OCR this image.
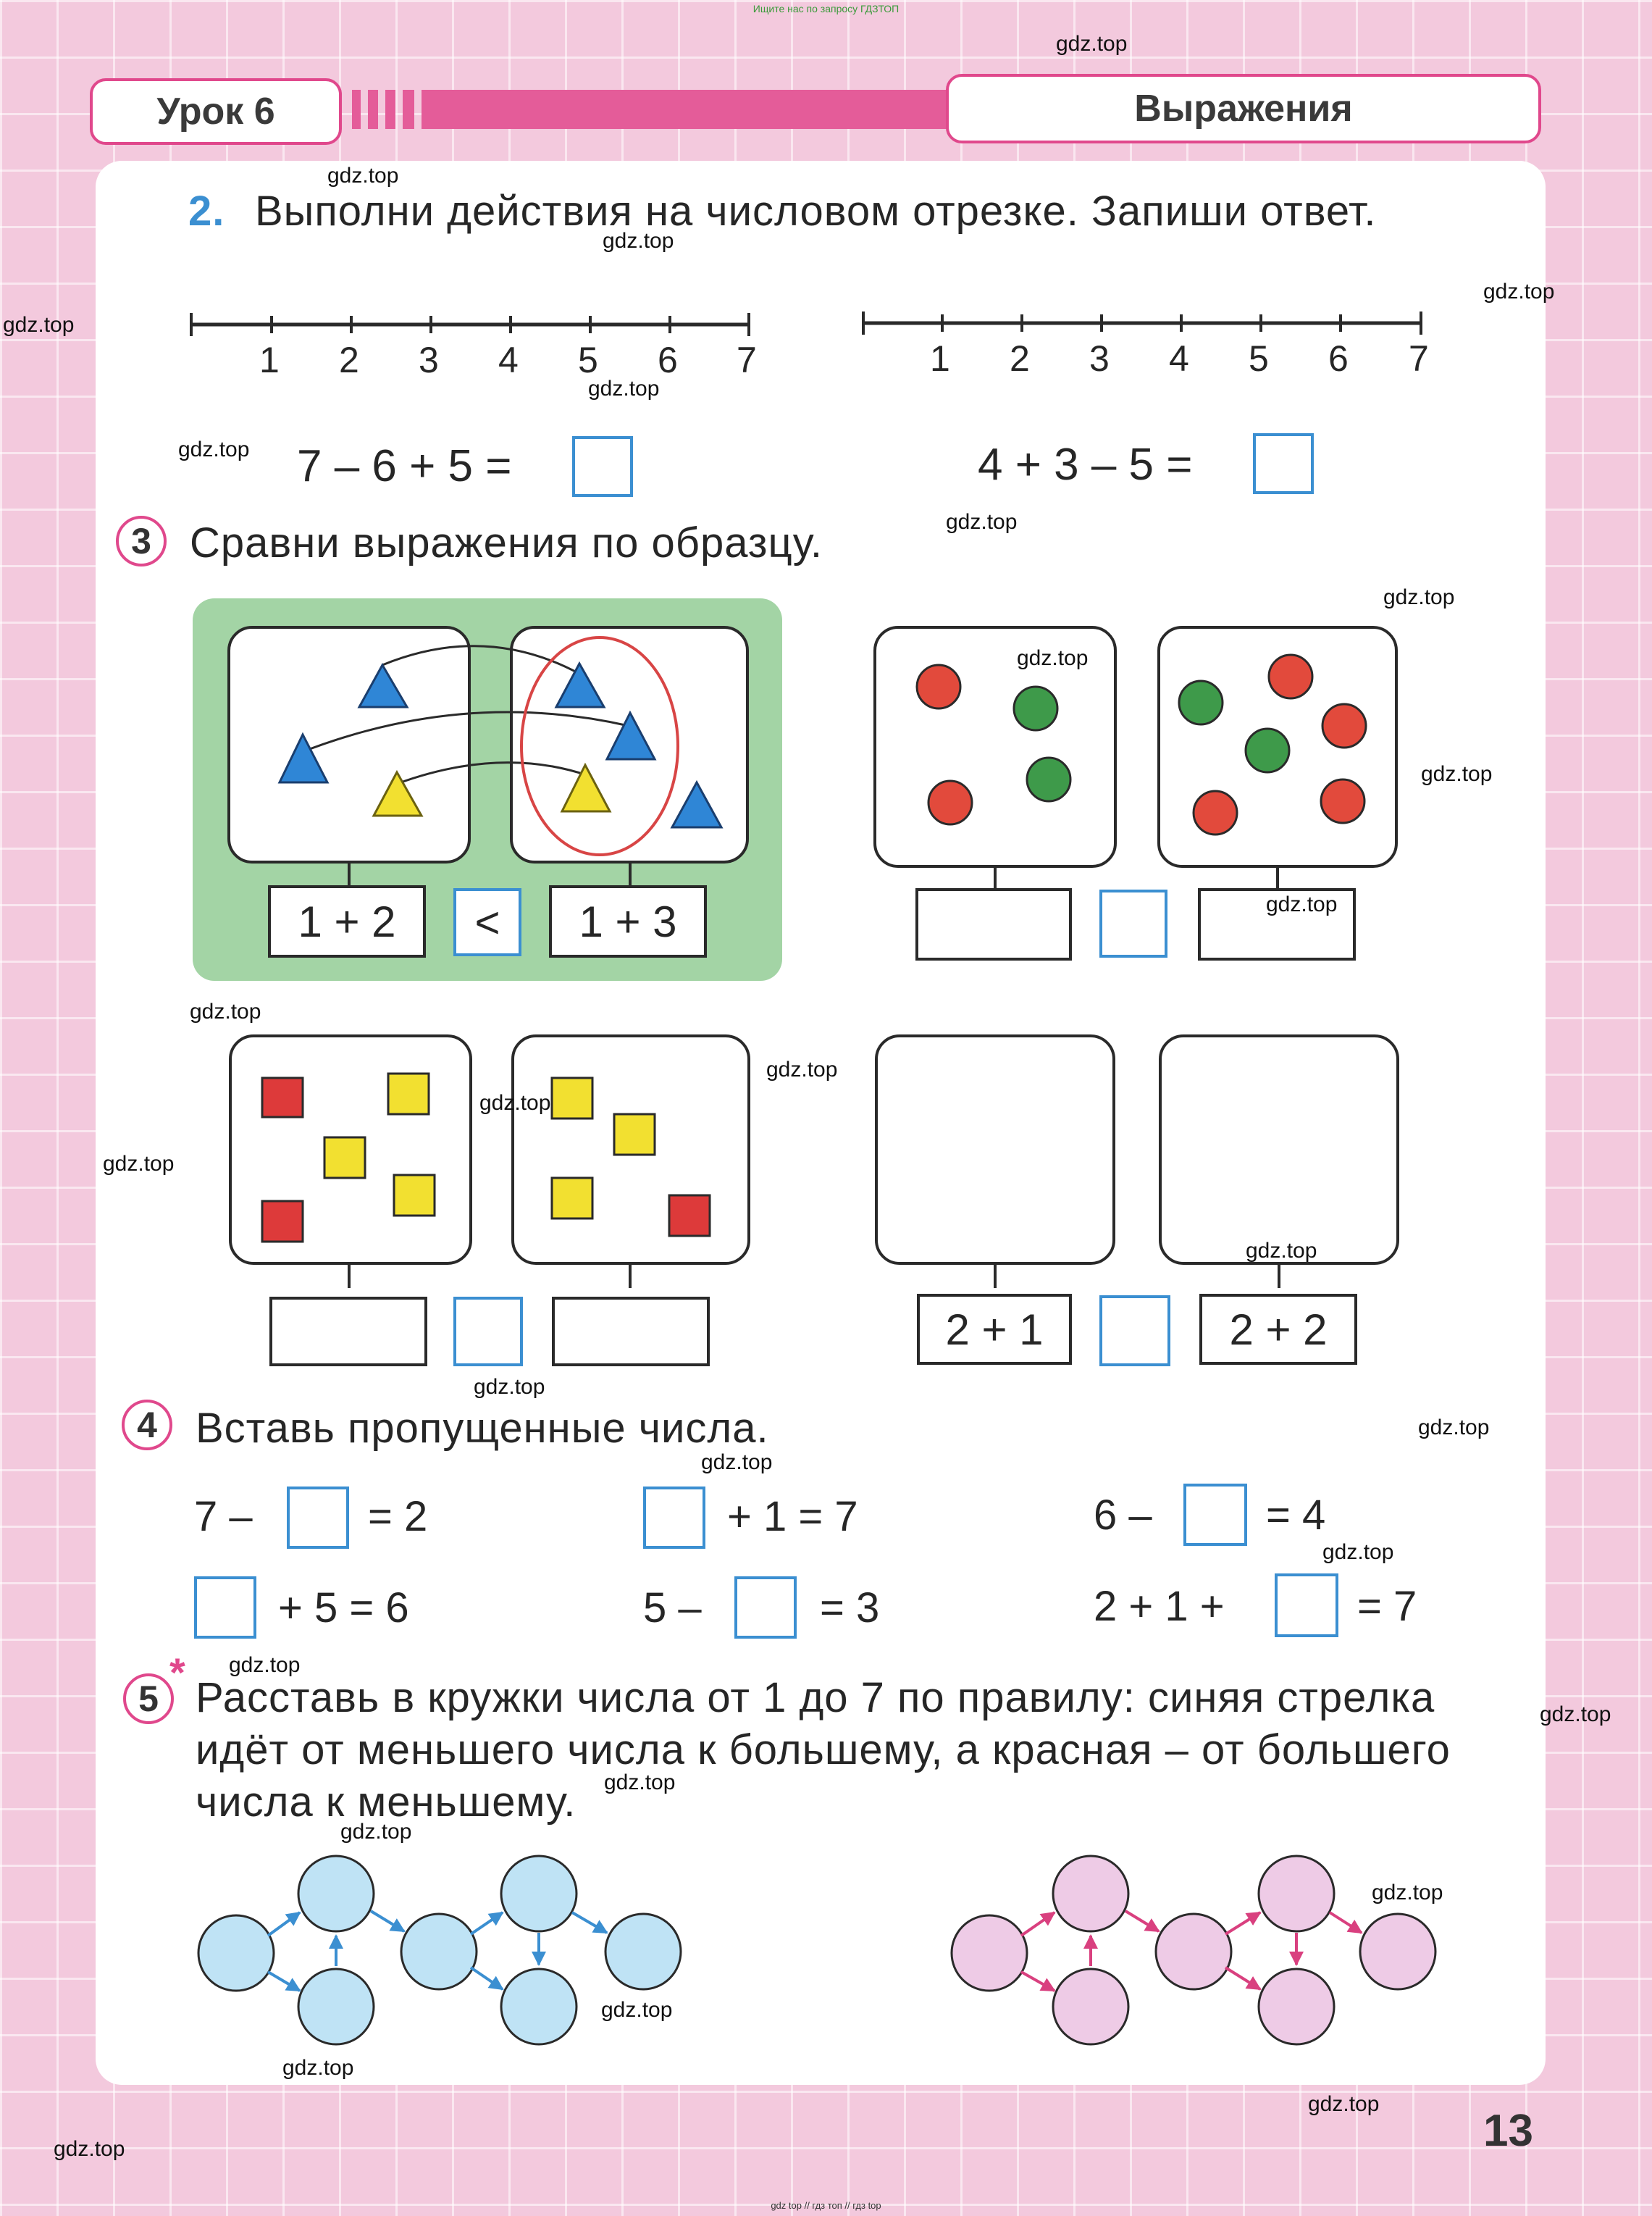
Ищите нас по запросу ГДЗТОП
Урок 6	Выражения
2. Выполни действия на числовом отрезке. Запиши ответ.
1 2 3 4 5 6 7	1 2 3 4 5 6 7
7 – 6 + 5 =	4 + 3 – 5 =
3 Сравни выражения по образцу.
1 + 2 < 1 + 3
2 + 1	2 + 2
4 Вставь пропущенные числа.
7 –	= 2	+ 1 = 7	6 –	= 4
+ 5 = 6	5 –	= 3	2 + 1 +	= 7
5
*
Расставь в кружки числа от 1 до 7 по правилу: синяя стрелка
идёт от меньшего числа к большему, а красная – от большего
числа к меньшему.
13
gdz top // гдз топ // гдз top
gdz.top
gdz.top
gdz.top
gdz.top
gdz.top
gdz.top
gdz.top
gdz.top
gdz.top
gdz.top
gdz.top
gdz.top
gdz.top
gdz.top
gdz.top
gdz.top
gdz.top
gdz.top
gdz.top
gdz.top
gdz.top
gdz.top
gdz.top
gdz.top
gdz.top
gdz.top
gdz.top
gdz.top
gdz.top
gdz.top
